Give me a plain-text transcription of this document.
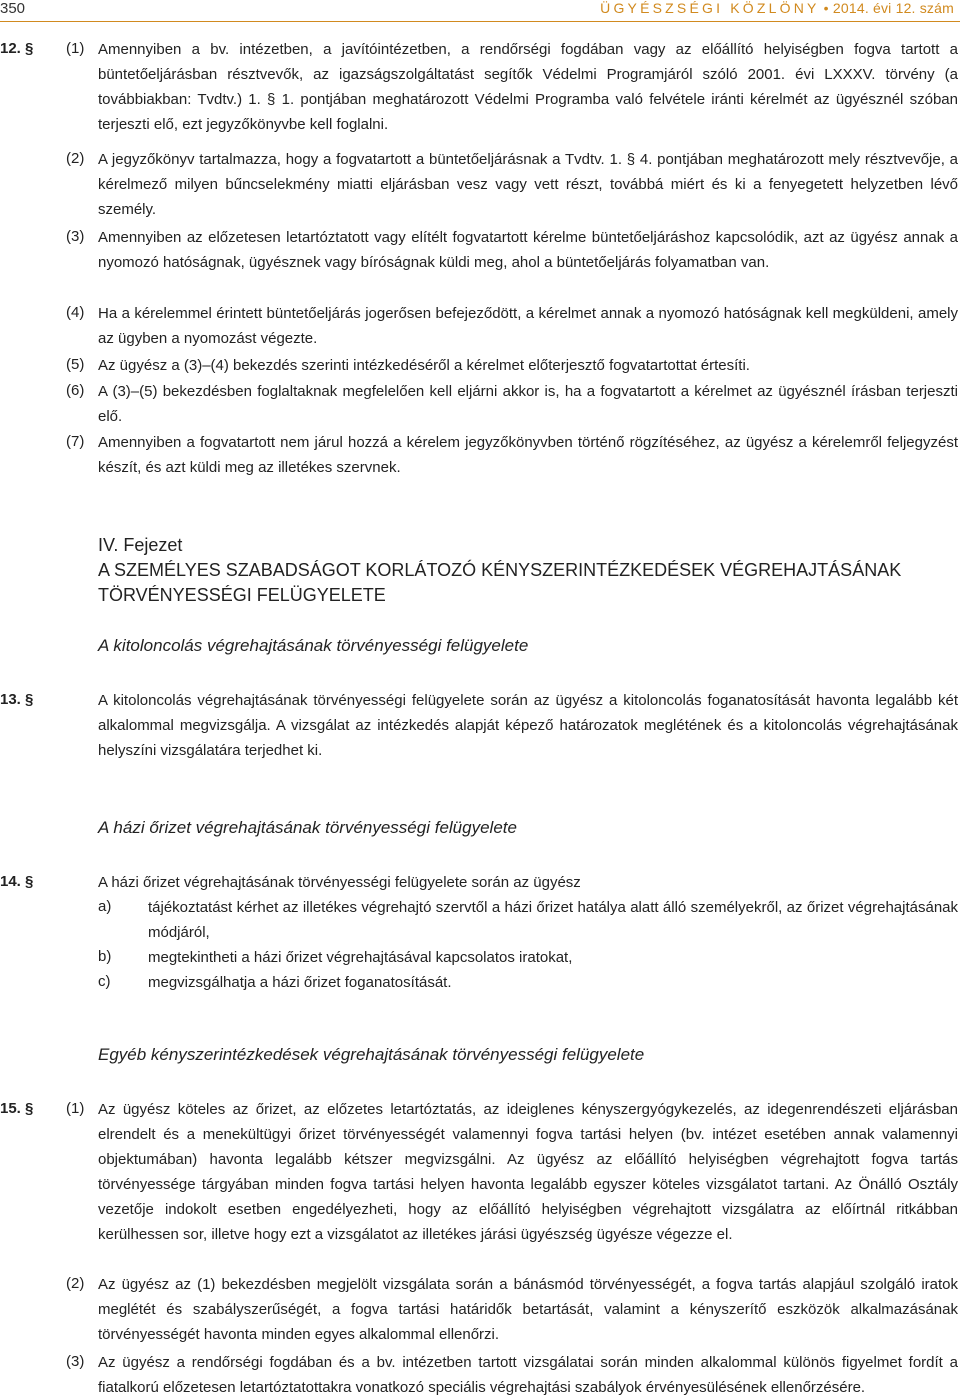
350	ÜGYÉSZSÉGI KÖZLÖNY • 2014. évi 12. szám
12. § (1) Amennyiben a bv. intézetben, a javítóintézetben, a rendőrségi fogdában vagy az előállító helyiségben fogva tartott a büntetőeljárásban résztvevők, az igazságszolgáltatást segítők Védelmi Programjáról szóló 2001. évi LXXXV. törvény (a továbbiakban: Tvdtv.) 1. § 1. pontjában meghatározott Védelmi Programba való felvétele iránti kérelmét az ügyésznél szóban terjeszti elő, ezt jegyzőkönyvbe kell foglalni.
(2) A jegyzőkönyv tartalmazza, hogy a fogvatartott a büntetőeljárásnak a Tvdtv. 1. § 4. pontjában meghatározott mely résztvevője, a kérelmező milyen bűncselekmény miatti eljárásban vesz vagy vett részt, továbbá miért és ki a fenyegetett helyzetben lévő személy.
(3) Amennyiben az előzetesen letartóztatott vagy elítélt fogvatartott kérelme büntetőeljáráshoz kapcsolódik, azt az ügyész annak a nyomozó hatóságnak, ügyésznek vagy bíróságnak küldi meg, ahol a büntetőeljárás folyamatban van.
(4) Ha a kérelemmel érintett büntetőeljárás jogerősen befejeződött, a kérelmet annak a nyomozó hatóságnak kell megküldeni, amely az ügyben a nyomozást végezte.
(5) Az ügyész a (3)–(4) bekezdés szerinti intézkedéséről a kérelmet előterjesztő fogvatartottat értesíti.
(6) A (3)–(5) bekezdésben foglaltaknak megfelelően kell eljárni akkor is, ha a fogvatartott a kérelmet az ügyésznél írásban terjeszti elő.
(7) Amennyiben a fogvatartott nem járul hozzá a kérelem jegyzőkönyvben történő rögzítéséhez, az ügyész a kérelemről feljegyzést készít, és azt küldi meg az illetékes szervnek.
IV. Fejezet
A SZEMÉLYES SZABADSÁGOT KORLÁTOZÓ KÉNYSZERINTÉZKEDÉSEK VÉGREHAJTÁSÁNAK
TÖRVÉNYESSÉGI FELÜGYELETE
A kitoloncolás végrehajtásának törvényességi felügyelete
13. §	A kitoloncolás végrehajtásának törvényességi felügyelete során az ügyész a kitoloncolás foganatosítását havonta legalább két alkalommal megvizsgálja. A vizsgálat az intézkedés alapját képező határozatok meglétének és a kitoloncolás végrehajtásának helyszíni vizsgálatára terjedhet ki.
A házi őrizet végrehajtásának törvényességi felügyelete
14. §	A házi őrizet végrehajtásának törvényességi felügyelete során az ügyész
a) tájékoztatást kérhet az illetékes végrehajtó szervtől a házi őrizet hatálya alatt álló személyekről, az őrizet végrehajtásának módjáról,
b) megtekintheti a házi őrizet végrehajtásával kapcsolatos iratokat,
c)	megvizsgálhatja a házi őrizet foganatosítását.
Egyéb kényszerintézkedések végrehajtásának törvényességi felügyelete
15. § (1) Az ügyész köteles az őrizet, az előzetes letartóztatás, az ideiglenes kényszergyógykezelés, az idegenrendészeti eljárásban elrendelt és a menekültügyi őrizet törvényességét valamennyi fogva tartási helyen (bv. intézet esetében annak valamennyi objektumában) havonta legalább kétszer megvizsgálni. Az ügyész az előállító helyiségben végrehajtott fogva tartás törvényessége tárgyában minden fogva tartási helyen havonta legalább egyszer köteles vizsgálatot tartani. Az Önálló Osztály vezetője indokolt esetben engedélyezheti, hogy az előállító helyiségben végrehajtott vizsgálatra az előírtnál ritkábban kerülhessen sor, illetve hogy ezt a vizsgálatot az illetékes járási ügyészség ügyésze végezze el.
(2) Az ügyész az (1) bekezdésben megjelölt vizsgálata során a bánásmód törvényességét, a fogva tartás alapjául szolgáló iratok meglétét és szabályszerűségét, a fogva tartási határidők betartását, valamint a kényszerítő eszközök alkalmazásának törvényességét havonta minden egyes alkalommal ellenőrzi.
(3) Az ügyész a rendőrségi fogdában és a bv. intézetben tartott vizsgálatai során minden alkalommal különös figyelmet fordít a fiatalkorú előzetesen letartóztatottakra vonatkozó speciális végrehajtási szabályok érvényesülésének ellenőrzésére.
